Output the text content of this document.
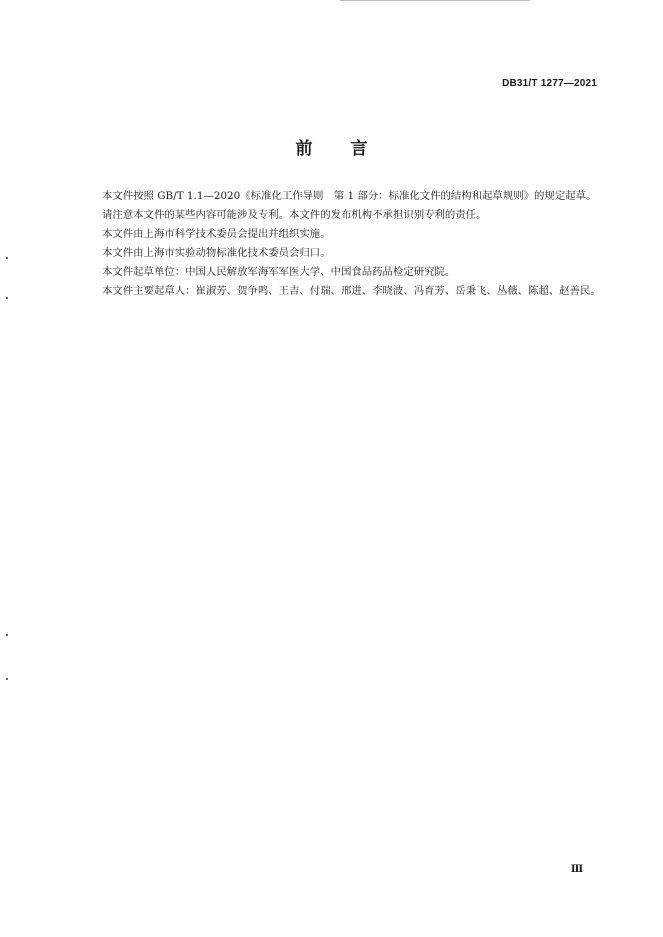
DB31/T 1277—2021
前言

本文件按照 GB/T 1.1—2020《标准化工作导则　第 1 部分：标准化文件的结构和起草规则》的规定起草。

请注意本文件的某些内容可能涉及专利。本文件的发布机构不承担识别专利的责任。

本文件由上海市科学技术委员会提出并组织实施。

本文件由上海市实验动物标准化技术委员会归口。

本文件起草单位：中国人民解放军海军军医大学、中国食品药品检定研究院。

本文件主要起草人：崔淑芳、贺争鸣、王吉、付瑞、邢进、李晓波、冯育芳、岳秉飞、丛薇、陈超、赵善民。

Ⅲ
